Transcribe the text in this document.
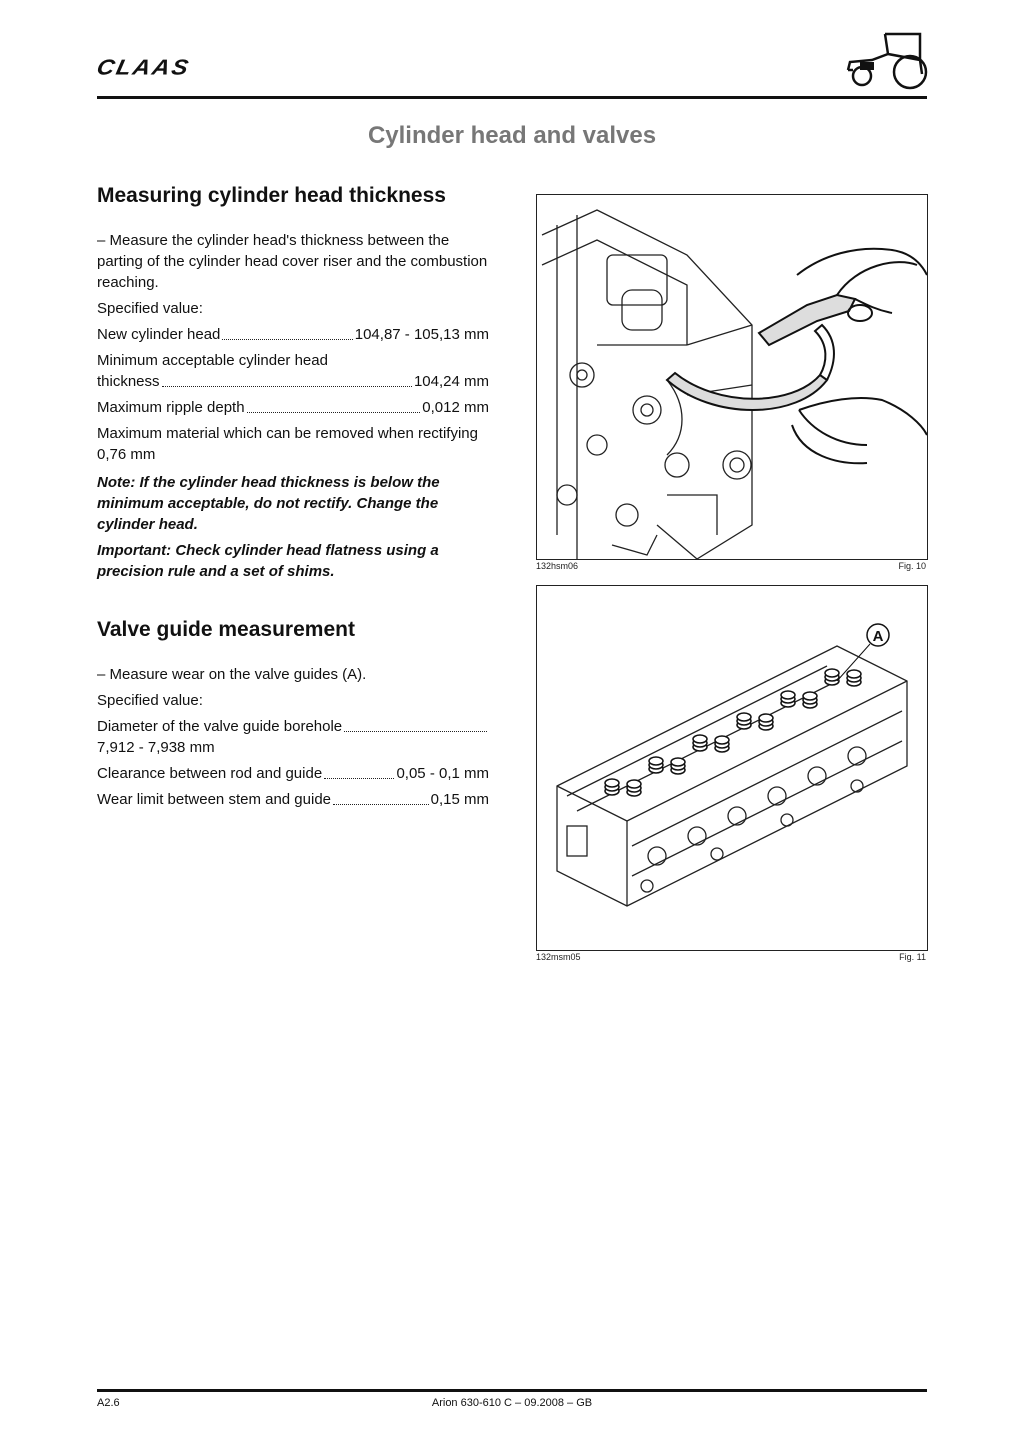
CLAAS
Cylinder head and valves
Measuring cylinder head thickness

– Measure the cylinder head's thickness between the parting of the cylinder head cover riser and the combustion reaching.

Specified value:

New cylinder head	104,87 - 105,13 mm

Minimum acceptable cylinder head

thickness	104,24 mm

Maximum ripple depth	0,012 mm

Maximum material which can be removed when rectifying 0,76 mm

Note: If the cylinder head thickness is below the minimum acceptable, do not rectify. Change the cylinder head.

Important: Check cylinder head flatness using a precision rule and a set of shims.

Valve guide measurement

– Measure wear on the valve guides (A).

Specified value:

Diameter of the valve guide borehole

7,912 - 7,938 mm

Clearance between rod and guide	0,05 - 0,1 mm

Wear limit between stem and guide	0,15 mm

132hsm06	Fig. 10
A
132msm05	Fig. 11
A2.6	Arion 630-610 C – 09.2008 – GB
